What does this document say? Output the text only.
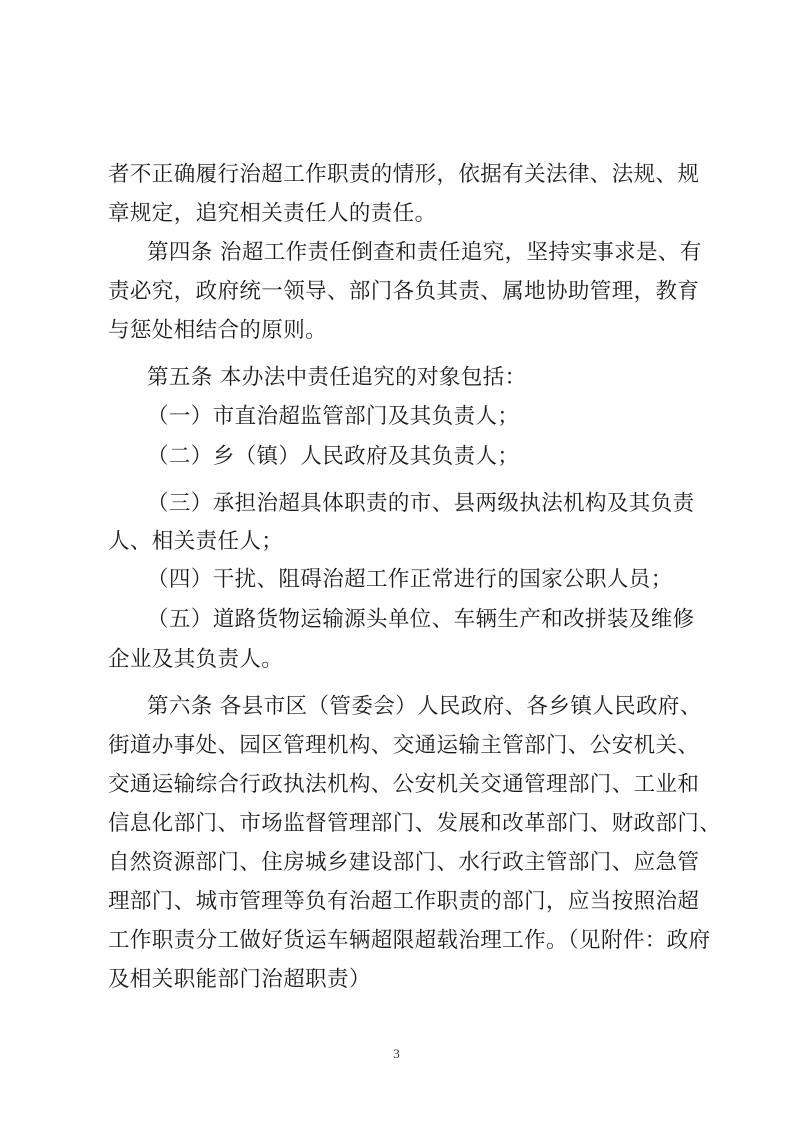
者不正确履行治超工作职责的情形，依据有关法律、法规、规
章规定，追究相关责任人的责任。
第四条 治超工作责任倒查和责任追究，坚持实事求是、有
责必究，政府统一领导、部门各负其责、属地协助管理，教育
与惩处相结合的原则。
第五条 本办法中责任追究的对象包括：
（一）市直治超监管部门及其负责人；
（二）乡（镇）人民政府及其负责人；
（三）承担治超具体职责的市、县两级执法机构及其负责
人、相关责任人；
（四）干扰、阻碍治超工作正常进行的国家公职人员；
（五）道路货物运输源头单位、车辆生产和改拼装及维修
企业及其负责人。
第六条 各县市区（管委会）人民政府、各乡镇人民政府、
街道办事处、园区管理机构、交通运输主管部门、公安机关、
交通运输综合行政执法机构、公安机关交通管理部门、工业和
信息化部门、市场监督管理部门、发展和改革部门、财政部门、
自然资源部门、住房城乡建设部门、水行政主管部门、应急管
理部门、城市管理等负有治超工作职责的部门，应当按照治超
工作职责分工做好货运车辆超限超载治理工作。（见附件：政府
及相关职能部门治超职责）
3
